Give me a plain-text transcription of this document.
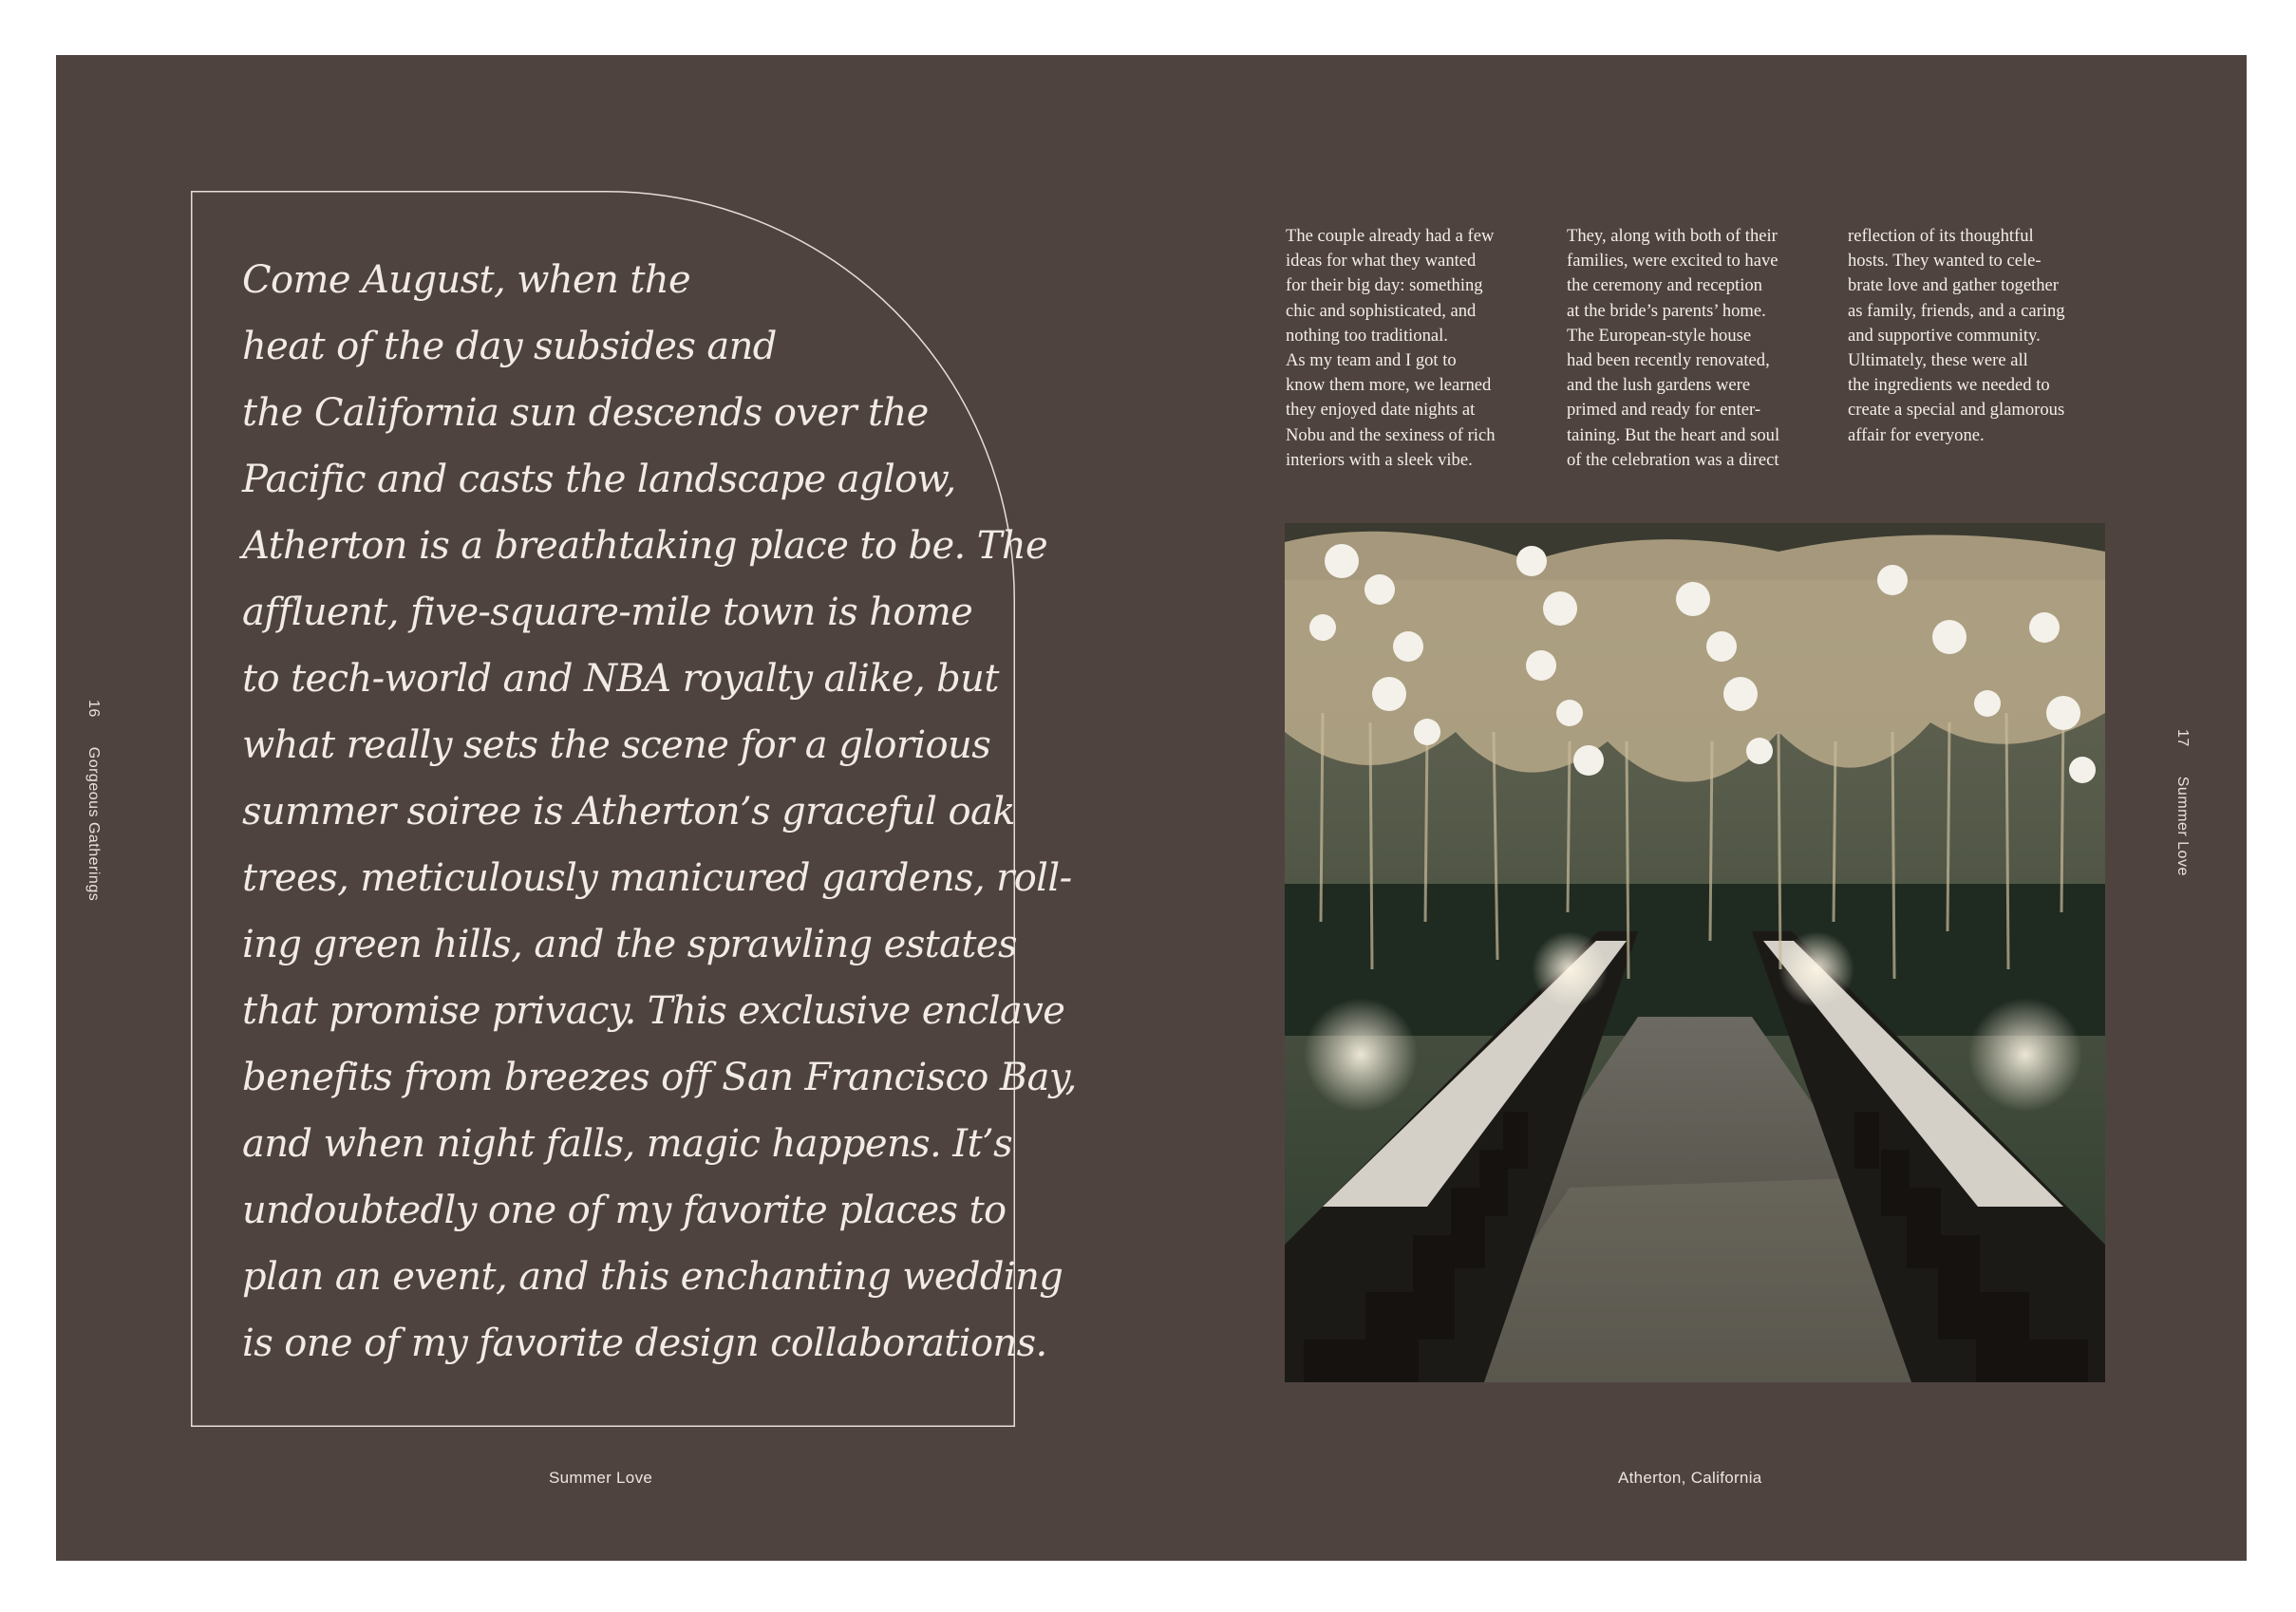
Come August, when the
heat of the day subsides and
the California sun descends over the
Pacific and casts the landscape aglow,
Atherton is a breathtaking place to be. The
affluent, five-square-mile town is home
to tech-world and NBA royalty alike, but
what really sets the scene for a glorious
summer soiree is Atherton’s graceful oak
trees, meticulously manicured gardens, roll-
ing green hills, and the sprawling estates
that promise privacy. This exclusive enclave
benefits from breezes off San Francisco Bay,
and when night falls, magic happens. It’s
undoubtedly one of my favorite places to
plan an event, and this enchanting wedding
is one of my favorite design collaborations.

16 Gorgeous Gatherings
17 Summer Love
The couple already had a few
ideas for what they wanted
for their big day: something
chic and sophisticated, and
nothing too traditional.
As my team and I got to
know them more, we learned
they enjoyed date nights at
Nobu and the sexiness of rich
interiors with a sleek vibe.
They, along with both of their
families, were excited to have
the ceremony and reception
at the bride’s parents’ home.
The European-style house
had been recently renovated,
and the lush gardens were
primed and ready for enter-
taining. But the heart and soul
of the celebration was a direct
reflection of its thoughtful
hosts. They wanted to cele-
brate love and gather together
as family, friends, and a caring
and supportive community.
Ultimately, these were all
the ingredients we needed to
create a special and glamorous
affair for everyone.
Summer Love	Atherton, California
